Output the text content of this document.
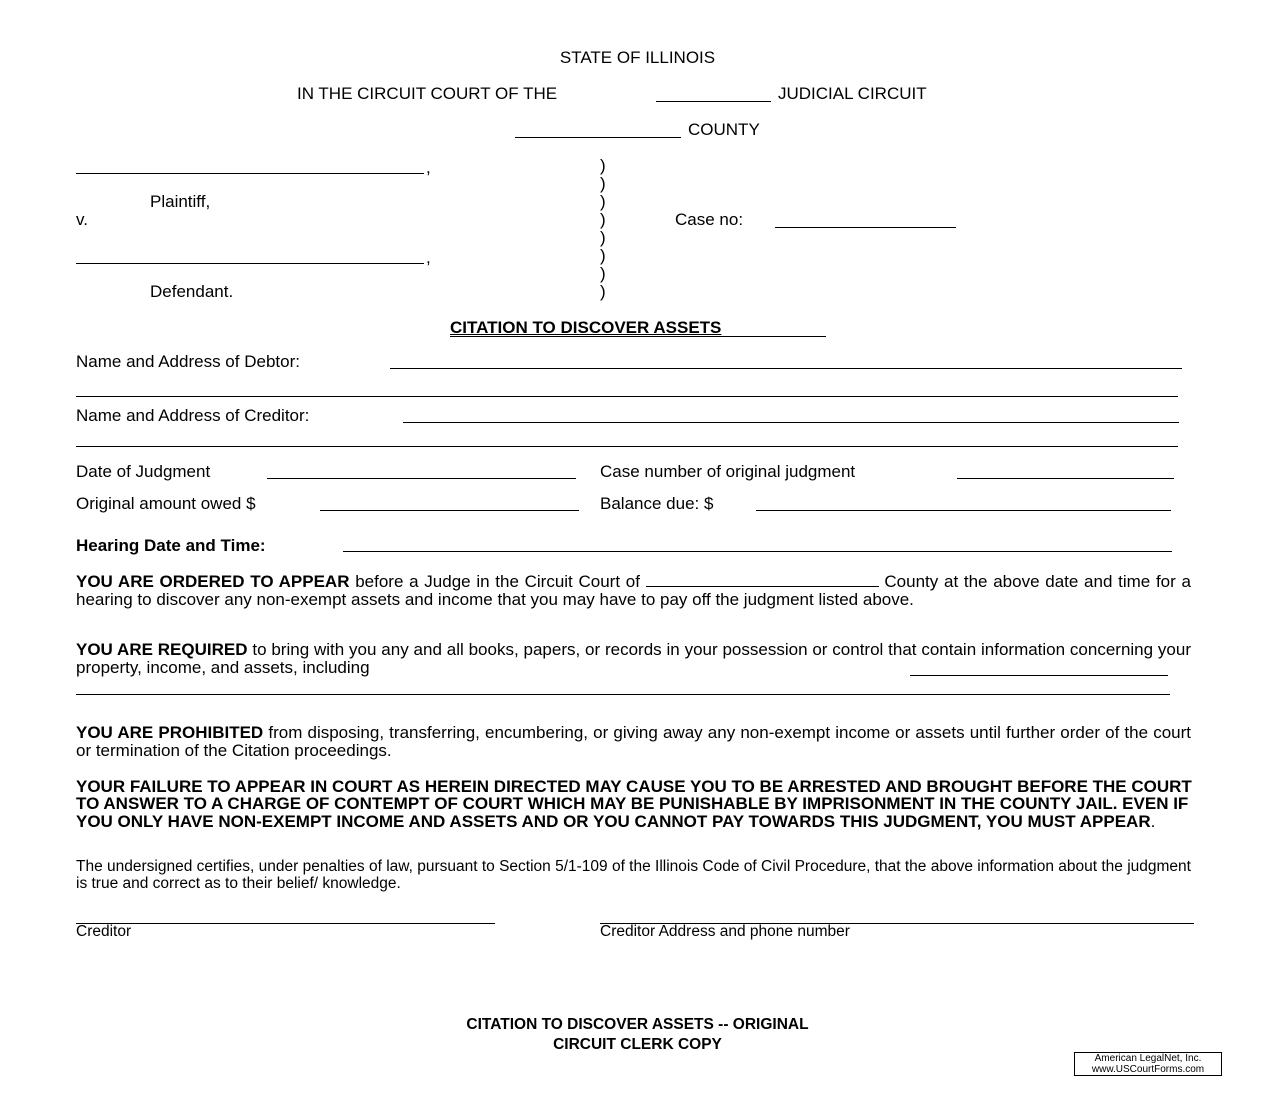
STATE OF ILLINOIS
IN THE CIRCUIT COURT OF THE	JUDICIAL CIRCUIT
COUNTY
,
Plaintiff,
v.
,
Defendant.
)
)
)
)
)
)
)
)
Case no:
CITATION TO DISCOVER ASSETS
Name and Address of Debtor:
Name and Address of Creditor:
Date of Judgment	Case number of original judgment
Original amount owed $	Balance due: $
Hearing Date and Time:
YOU ARE ORDERED TO APPEAR before a Judge in the Circuit Court of	County at the above date and time for a hearing to discover any non-exempt assets and income that you may have to pay off the judgment listed above.
YOU ARE REQUIRED to bring with you any and all books, papers, or records in your possession or control that contain information concerning your property, income, and assets, including
YOU ARE PROHIBITED from disposing, transferring, encumbering, or giving away any non-exempt income or assets until further order of the court or termination of the Citation proceedings.
YOUR FAILURE TO APPEAR IN COURT AS HEREIN DIRECTED MAY CAUSE YOU TO BE ARRESTED AND BROUGHT BEFORE THE COURT TO ANSWER TO A CHARGE OF CONTEMPT OF COURT WHICH MAY BE PUNISHABLE BY IMPRISONMENT IN THE COUNTY JAIL. EVEN IF YOU ONLY HAVE NON-EXEMPT INCOME AND ASSETS AND OR YOU CANNOT PAY TOWARDS THIS JUDGMENT, YOU MUST APPEAR.
The undersigned certifies, under penalties of law, pursuant to Section 5/1-109 of the Illinois Code of Civil Procedure, that the above information about the judgment is true and correct as to their belief/ knowledge.
Creditor	Creditor Address and phone number
CITATION TO DISCOVER ASSETS -- ORIGINAL
CIRCUIT CLERK COPY
American LegalNet, Inc.
www.USCourtForms.com
